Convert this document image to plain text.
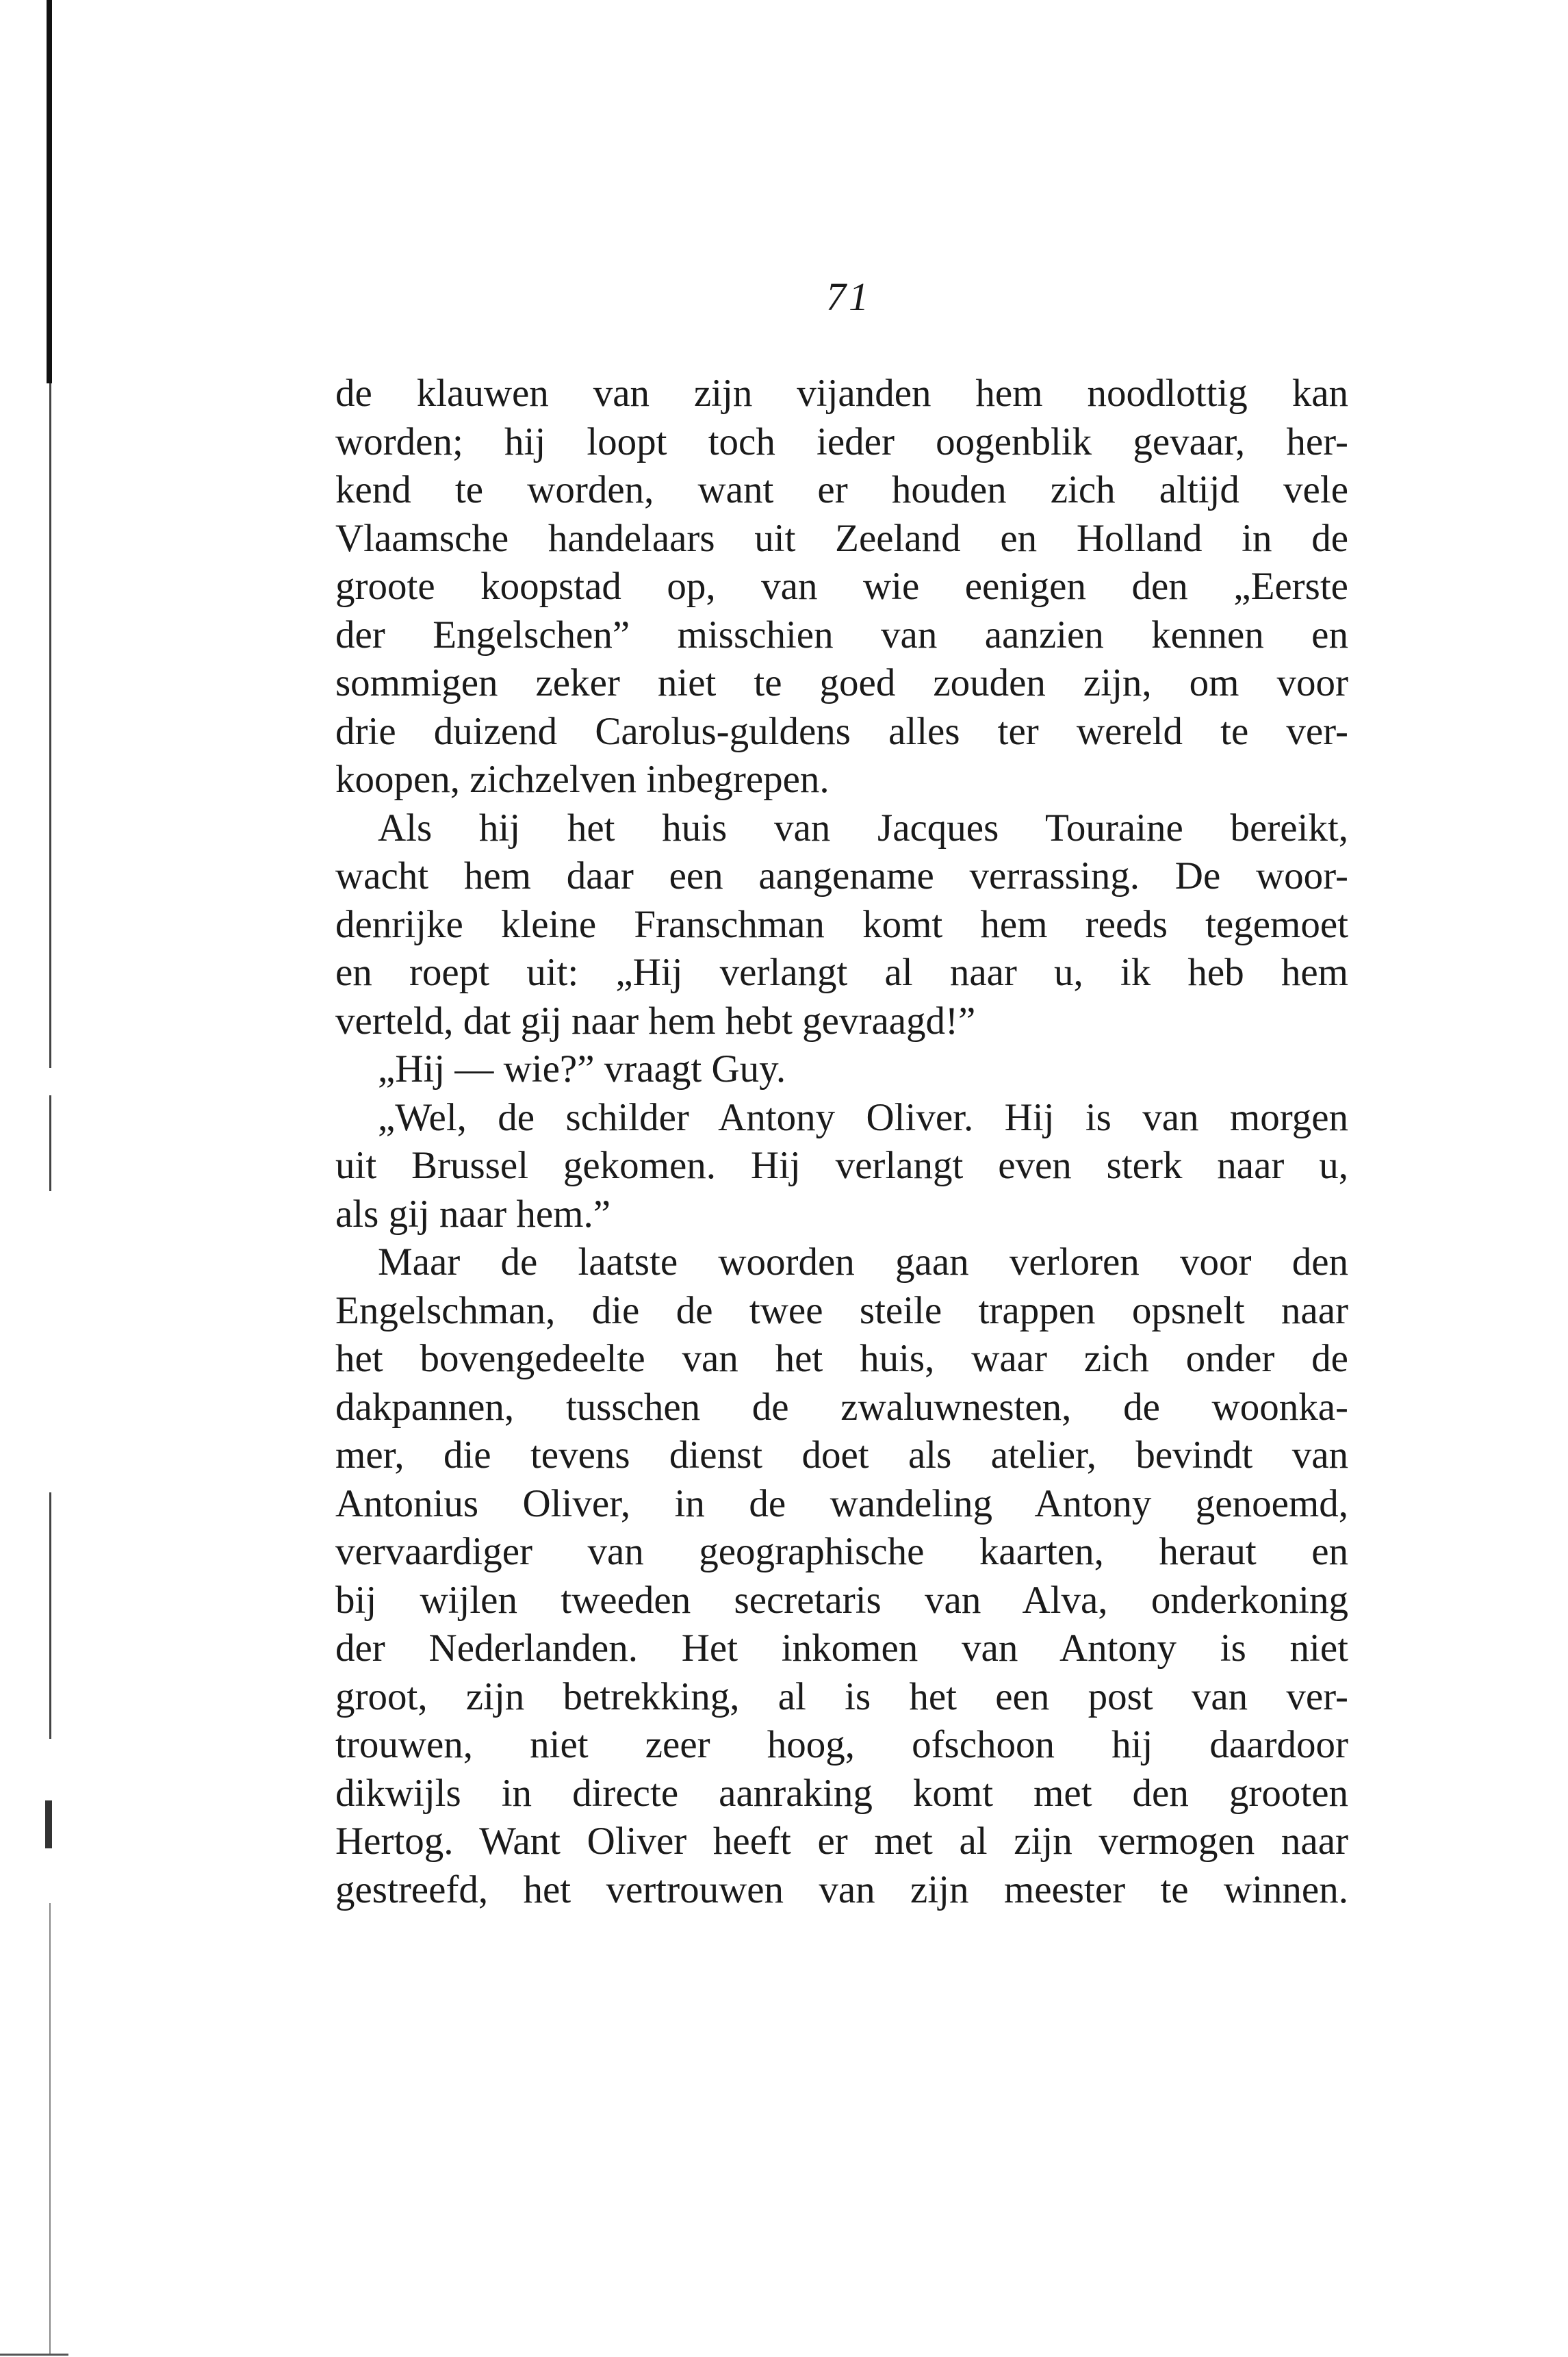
71
de klauwen van zijn vijanden hem noodlottig kan
worden; hij loopt toch ieder oogenblik gevaar, her-
kend te worden, want er houden zich altijd vele
Vlaamsche handelaars uit Zeeland en Holland in de
groote koopstad op, van wie eenigen den „Eerste
der Engelschen” misschien van aanzien kennen en
sommigen zeker niet te goed zouden zijn, om voor
drie duizend Carolus-guldens alles ter wereld te ver-
koopen, zichzelven inbegrepen.
Als hij het huis van Jacques Touraine bereikt,
wacht hem daar een aangename verrassing. De woor-
denrijke kleine Franschman komt hem reeds tegemoet
en roept uit: „Hij verlangt al naar u, ik heb hem
verteld, dat gij naar hem hebt gevraagd!”
„Hij — wie?” vraagt Guy.
„Wel, de schilder Antony Oliver. Hij is van morgen
uit Brussel gekomen. Hij verlangt even sterk naar u,
als gij naar hem.”
Maar de laatste woorden gaan verloren voor den
Engelschman, die de twee steile trappen opsnelt naar
het bovengedeelte van het huis, waar zich onder de
dakpannen, tusschen de zwaluwnesten, de woonka-
mer, die tevens dienst doet als atelier, bevindt van
Antonius Oliver, in de wandeling Antony genoemd,
vervaardiger van geographische kaarten, heraut en
bij wijlen tweeden secretaris van Alva, onderkoning
der Nederlanden. Het inkomen van Antony is niet
groot, zijn betrekking, al is het een post van ver-
trouwen, niet zeer hoog, ofschoon hij daardoor
dikwijls in directe aanraking komt met den grooten
Hertog. Want Oliver heeft er met al zijn vermogen naar
gestreefd, het vertrouwen van zijn meester te winnen.
